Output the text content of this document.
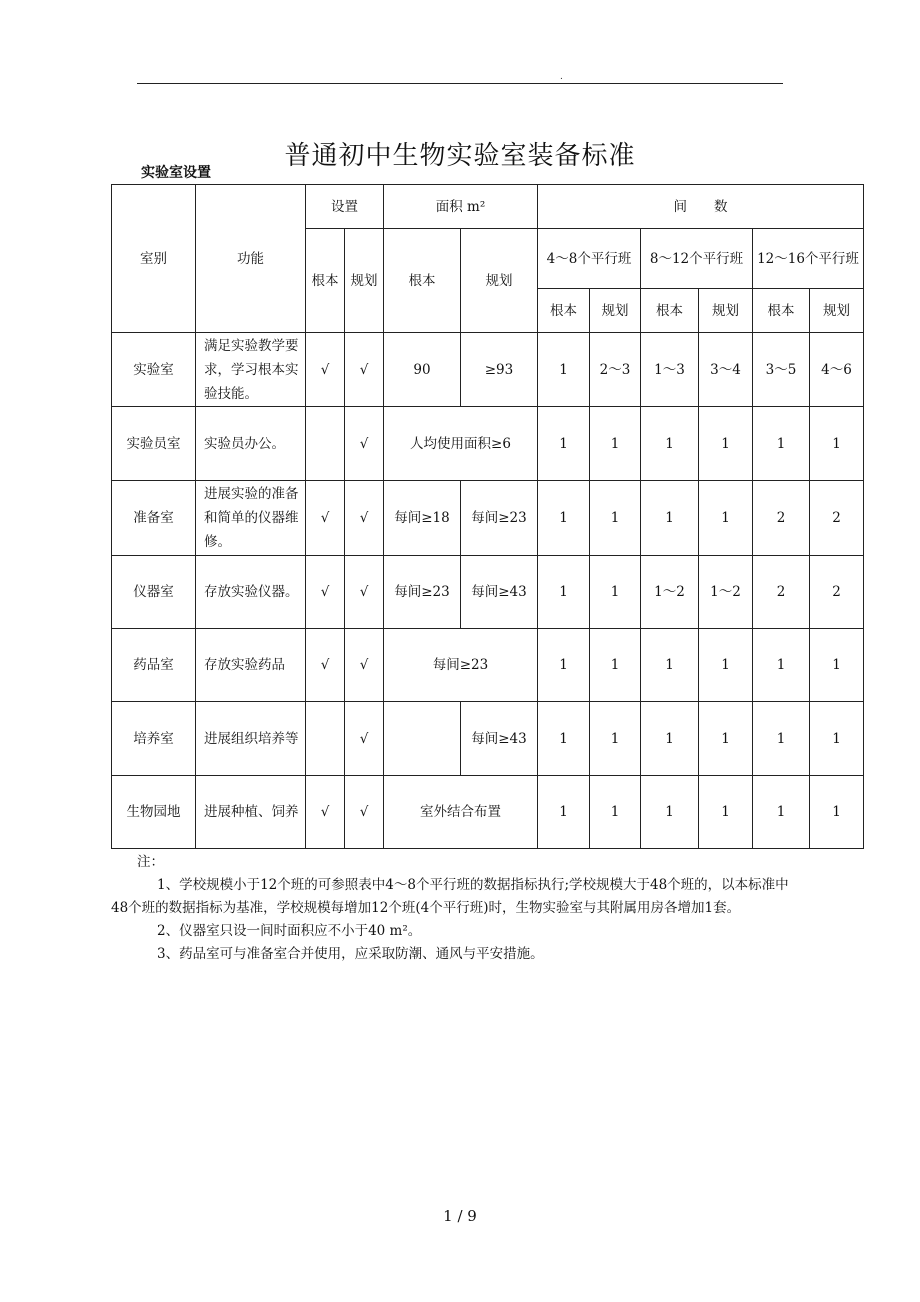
.
普通初中生物实验室装备标准
实验室设置
室别	功能	设置		面积 m²		间　　数					
		根本	规划	根本	规划	4～8个平行班		8～12个平行班		12～16个平行班	
						根本	规划	根本	规划	根本	规划
实验室	满足实验教学要求，学习根本实验技能。	√	√	90	≥93	1	2～3	1～3	3～4	3～5	4～6
实验员室	实验员办公。		√	人均使用面积≥6		1	1	1	1	1	1
准备室	进展实验的准备和简单的仪器维修。	√	√	每间≥18	每间≥23	1	1	1	1	2	2
仪器室	存放实验仪器。	√	√	每间≥23	每间≥43	1	1	1～2	1～2	2	2
药品室	存放实验药品	√	√	每间≥23		1	1	1	1	1	1
培养室	进展组织培养等		√		每间≥43	1	1	1	1	1	1
生物园地	进展种植、饲养	√	√	室外结合布置		1	1	1	1	1	1

注：

1、学校规模小于12个班的可参照表中4～8个平行班的数据指标执行;学校规模大于48个班的，以本标准中48个班的数据指标为基准，学校规模每增加12个班(4个平行班)时，生物实验室与其附属用房各增加1套。

2、仪器室只设一间时面积应不小于40 m²。

3、药品室可与准备室合并使用，应采取防潮、通风与平安措施。

1 / 9
